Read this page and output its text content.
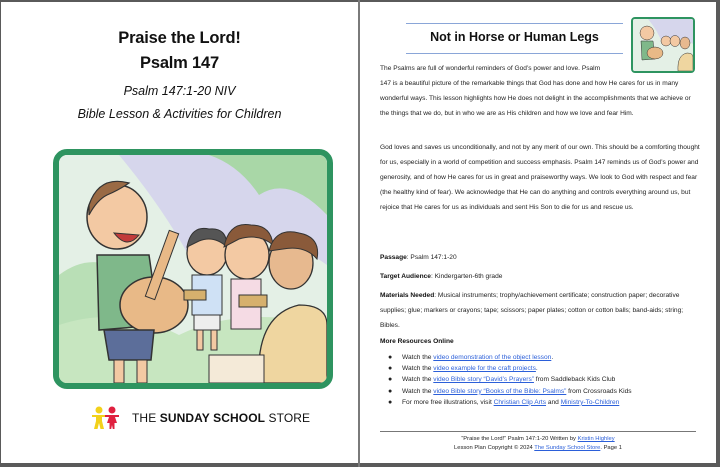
Praise the Lord!
Psalm 147
Psalm 147:1-20 NIV
Bible Lesson & Activities for Children
THE SUNDAY SCHOOL STORE
Not in Horse or Human Legs
The Psalms are full of wonderful reminders of God’s power and love. Psalm
147 is a beautiful picture of the remarkable things that God has done and how He cares for us in many wonderful ways. This lesson highlights how He does not delight in the accomplishments that we achieve or the things that we do, but in who we are as His children and how we love and fear Him.
God loves and saves us unconditionally, and not by any merit of our own. This should be a comforting thought for us, especially in a world of competition and success emphasis. Psalm 147 reminds us of God’s power and generosity, and of how He cares for us in great and praiseworthy ways. We look to God with respect and fear (the healthy kind of fear). We acknowledge that He can do anything and controls everything around us, but rejoice that He cares for us as individuals and sent His Son to die for us and rescue us.
Passage: Psalm 147:1-20
Target Audience: Kindergarten-6th grade
Materials Needed: Musical instruments; trophy/achievement certificate; construction paper; decorative supplies; glue; markers or crayons; tape; scissors; paper plates; cotton or cotton balls; band-aids; string; Bibles.
More Resources Online
● Watch the video demonstration of the object lesson.
● Watch the video example for the craft projects.
● Watch the video Bible story “David’s Prayers” from Saddleback Kids Club
● Watch the video Bible story “Books of the Bible: Psalms” from Crossroads Kids
● For more free illustrations, visit Christian Clip Arts and Ministry-To-Children
“Praise the Lord!” Psalm 147:1-20 Written by Kristin Highley
Lesson Plan Copyright © 2024 The Sunday School Store. Page 1
